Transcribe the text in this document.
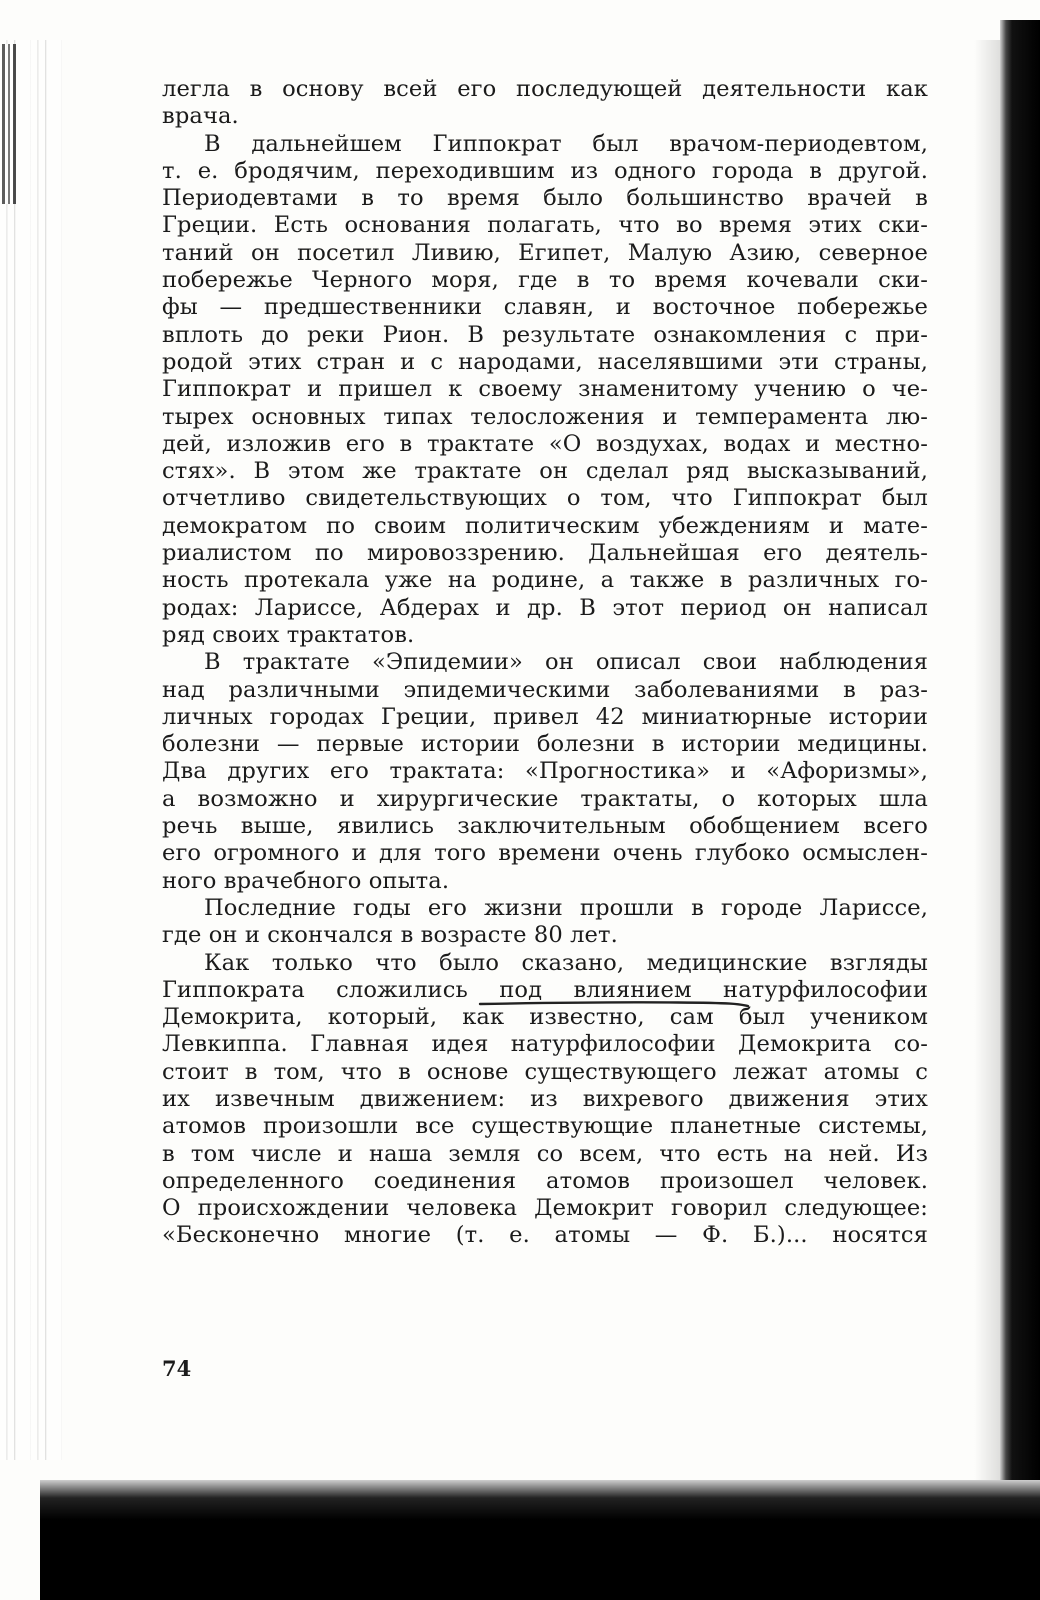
легла в основу всей его последующей деятельности как
врача.
В дальнейшем Гиппократ был врачом-периодевтом,
т. е. бродячим, переходившим из одного города в другой.
Периодевтами в то время было большинство врачей в
Греции. Есть основания полагать, что во время этих ски-
таний он посетил Ливию, Египет, Малую Азию, северное
побережье Черного моря, где в то время кочевали ски-
фы — предшественники славян, и восточное побережье
вплоть до реки Рион. В результате ознакомления с при-
родой этих стран и с народами, населявшими эти страны,
Гиппократ и пришел к своему знаменитому учению о че-
тырех основных типах телосложения и темперамента лю-
дей, изложив его в трактате «О воздухах, водах и местно-
стях». В этом же трактате он сделал ряд высказываний,
отчетливо свидетельствующих о том, что Гиппократ был
демократом по своим политическим убеждениям и мате-
риалистом по мировоззрению. Дальнейшая его деятель-
ность протекала уже на родине, а также в различных го-
родах: Лариссе, Абдерах и др. В этот период он написал
ряд своих трактатов.
В трактате «Эпидемии» он описал свои наблюдения
над различными эпидемическими заболеваниями в раз-
личных городах Греции, привел 42 миниатюрные истории
болезни — первые истории болезни в истории медицины.
Два других его трактата: «Прогностика» и «Афоризмы»,
а возможно и хирургические трактаты, о которых шла
речь выше, явились заключительным обобщением всего
его огромного и для того времени очень глубоко осмыслен-
ного врачебного опыта.
Последние годы его жизни прошли в городе Лариссе,
где он и скончался в возрасте 80 лет.
Как только что было сказано, медицинские взгляды
Гиппократа сложились под влиянием натурфилософии
Демокрита, который, как известно, сам был учеником
Левкиппа. Главная идея натурфилософии Демокрита со-
стоит в том, что в основе существующего лежат атомы с
их извечным движением: из вихревого движения этих
атомов произошли все существующие планетные системы,
в том числе и наша земля со всем, что есть на ней. Из
определенного соединения атомов произошел человек.
О происхождении человека Демокрит говорил следующее:
«Бесконечно многие (т. е. атомы — Ф. Б.)... носятся
74
